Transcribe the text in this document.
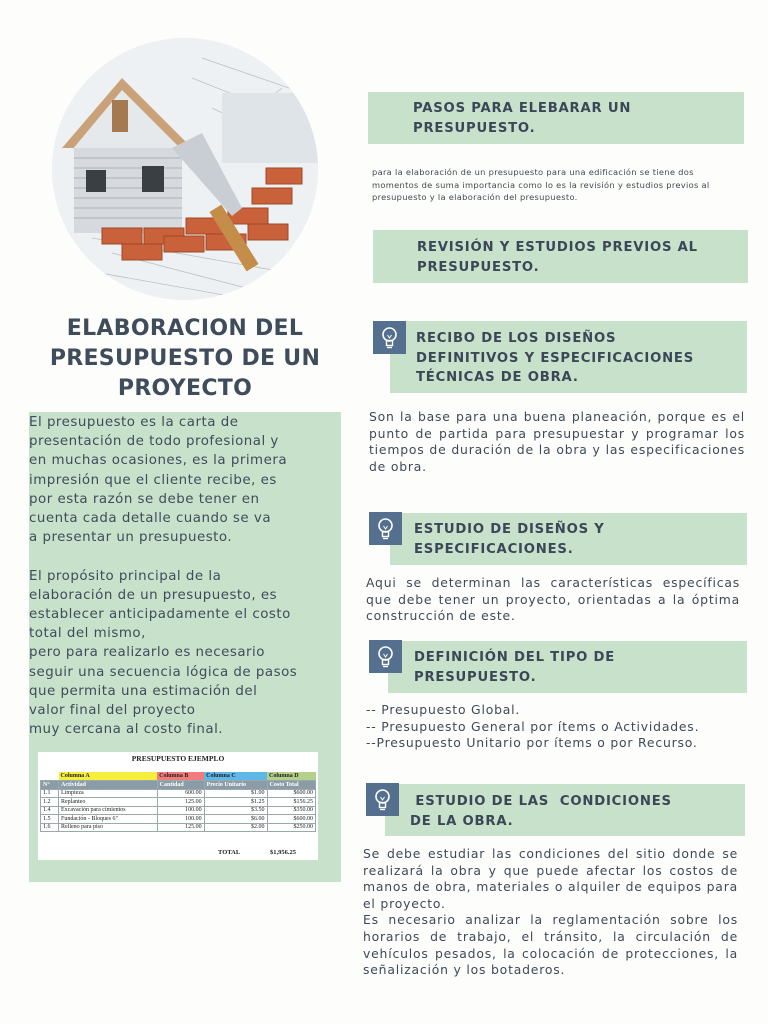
ELABORACION DEL
PRESUPUESTO DE UN
PROYECTO
El presupuesto es la carta de
presentación de todo profesional y
en muchas ocasiones, es la primera
impresión que el cliente recibe, es
por esta razón se debe tener en
cuenta cada detalle cuando se va
a presentar un presupuesto.

El propósito principal de la
elaboración de un presupuesto, es
establecer anticipadamente el costo
total del mismo,
pero para realizarlo es necesario
seguir una secuencia lógica de pasos
que permita una estimación del
valor final del proyecto
muy cercana al costo final.
PRESUPUESTO EJEMPLO
	Columna A	Columna B	Columna C	Columna D
N°	Actividad	Cantidad	Precio Unitario	Costo Total
1.1	Limpieza	600.00	$1.00	$600.00
1.2	Replanteo	125.00	$1.25	$156.25
1.4	Excavación para cimientos	100.00	$3.50	$350.00
1.5	Fundación - Bloques 6"	100.00	$6.00	$600.00
1.6	Relleno para piso	125.00	$2.00	$250.00
TOTAL	$1,956.25
PASOS PARA ELEBARAR UN
PRESUPUESTO.
para la elaboración de un presupuesto para una edificación se tiene dos momentos de suma importancia como lo es la revisión y estudios previos al presupuesto y la elaboración del presupuesto.
REVISIÓN Y ESTUDIOS PREVIOS AL
PRESUPUESTO.
RECIBO DE LOS DISEÑOS
DEFINITIVOS Y ESPECIFICACIONES
TÉCNICAS DE OBRA.
Son la base para una buena planeación, porque es el punto de partida para presupuestar y programar los tiempos de duración de la obra y las especificaciones de obra.
ESTUDIO DE DISEÑOS Y
ESPECIFICACIONES.
Aqui se determinan las características específicas que debe tener un proyecto, orientadas a la óptima construcción de este.
DEFINICIÓN DEL TIPO DE
PRESUPUESTO.
-- Presupuesto Global.
-- Presupuesto General por ítems o Actividades.
--Presupuesto Unitario por ítems o por Recurso.
ESTUDIO DE LAS  CONDICIONES
DE LA OBRA.
Se debe estudiar las condiciones del sitio donde se realizará la obra y que puede afectar los costos de manos de obra, materiales o alquiler de equipos para el proyecto.
Es necesario analizar la reglamentación sobre los horarios de trabajo, el tránsito, la circulación de vehículos pesados, la colocación de protecciones, la señalización y los botaderos.
